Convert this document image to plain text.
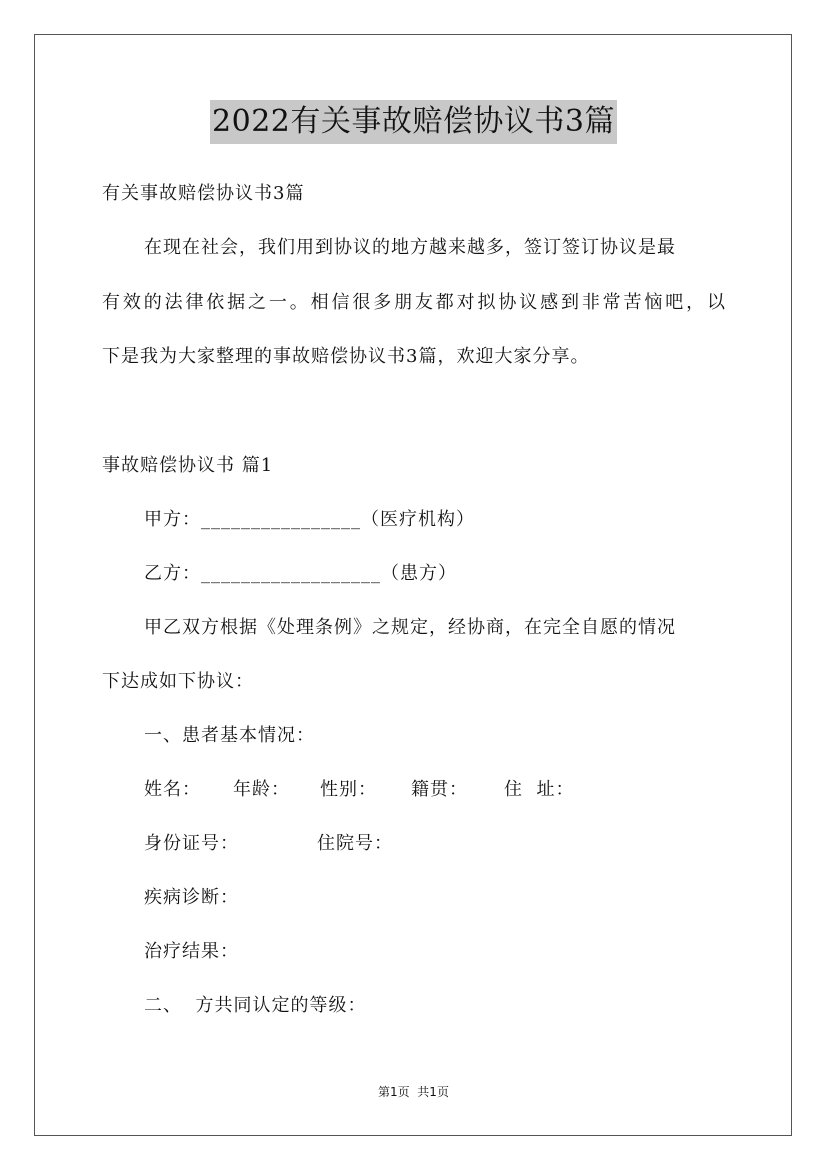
2022有关事故赔偿协议书3篇
有关事故赔偿协议书3篇
在现在社会，我们用到协议的地方越来越多，签订签订协议是最
有效的法律依据之一。相信很多朋友都对拟协议感到非常苦恼吧，以
下是我为大家整理的事故赔偿协议书3篇，欢迎大家分享。
事故赔偿协议书 篇1
甲方：________________（医疗机构）
乙方：__________________（患方）
甲乙双方根据《处理条例》之规定，经协商，在完全自愿的情况
下达成如下协议：
一、患者基本情况：
姓名： 年龄： 性别： 籍贯： 住  址：
身份证号：	住院号：
疾病诊断：
治疗结果：
二、  方共同认定的等级：
第1页  共1页
